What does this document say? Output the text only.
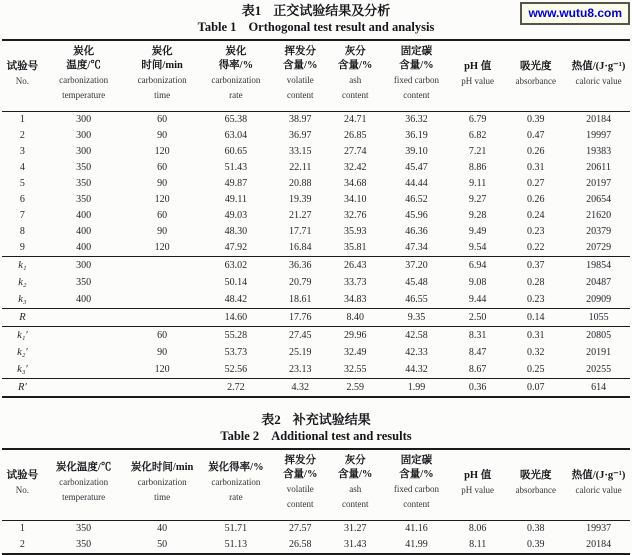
www.wutu8.com
表1 正交试验结果及分析
Table 1 Orthogonal test result and analysis
试验号
No.

炭化
温度/℃
carbonization
temperature

炭化
时间/min
carbonization
time

炭化
得率/%
carbonization
rate

挥发分
含量/%
volatile
content

灰分
含量/%
ash
content

固定碳
含量/%
fixed carbon
content

pH 值
pH value

吸光度
absorbance

热值/(J·g⁻¹)
caloric value

1	300	60	65.38	38.97	24.71	36.32	6.79	0.39	20184
2	300	90	63.04	36.97	26.85	36.19	6.82	0.47	19997
3	300	120	60.65	33.15	27.74	39.10	7.21	0.26	19383
4	350	60	51.43	22.11	32.42	45.47	8.86	0.31	20611
5	350	90	49.87	20.88	34.68	44.44	9.11	0.27	20197
6	350	120	49.11	19.39	34.10	46.52	9.27	0.26	20654
7	400	60	49.03	21.27	32.76	45.96	9.28	0.24	21620
8	400	90	48.30	17.71	35.93	46.36	9.49	0.23	20379
9	400	120	47.92	16.84	35.81	47.34	9.54	0.22	20729
k₁	300		63.02	36.36	26.43	37.20	6.94	0.37	19854
k₂	350		50.14	20.79	33.73	45.48	9.08	0.28	20487
k₃	400		48.42	18.61	34.83	46.55	9.44	0.23	20909
R			14.60	17.76	8.40	9.35	2.50	0.14	1055
k₁′		60	55.28	27.45	29.96	42.58	8.31	0.31	20805
k₂′		90	53.73	25.19	32.49	42.33	8.47	0.32	20191
k₃′		120	52.56	23.13	32.55	44.32	8.67	0.25	20255
R′			2.72	4.32	2.59	1.99	0.36	0.07	614
表2 补充试验结果
Table 2 Additional test and results
试验号
No.

炭化温度/℃
carbonization
temperature

炭化时间/min
carbonization
time

炭化得率/%
carbonization
rate

挥发分
含量/%
volatile
content

灰分
含量/%
ash
content

固定碳
含量/%
fixed carbon
content

pH 值
pH value

吸光度
absorbance

热值/(J·g⁻¹)
caloric value

1	350	40	51.71	27.57	31.27	41.16	8.06	0.38	19937
2	350	50	51.13	26.58	31.43	41.99	8.11	0.39	20184
